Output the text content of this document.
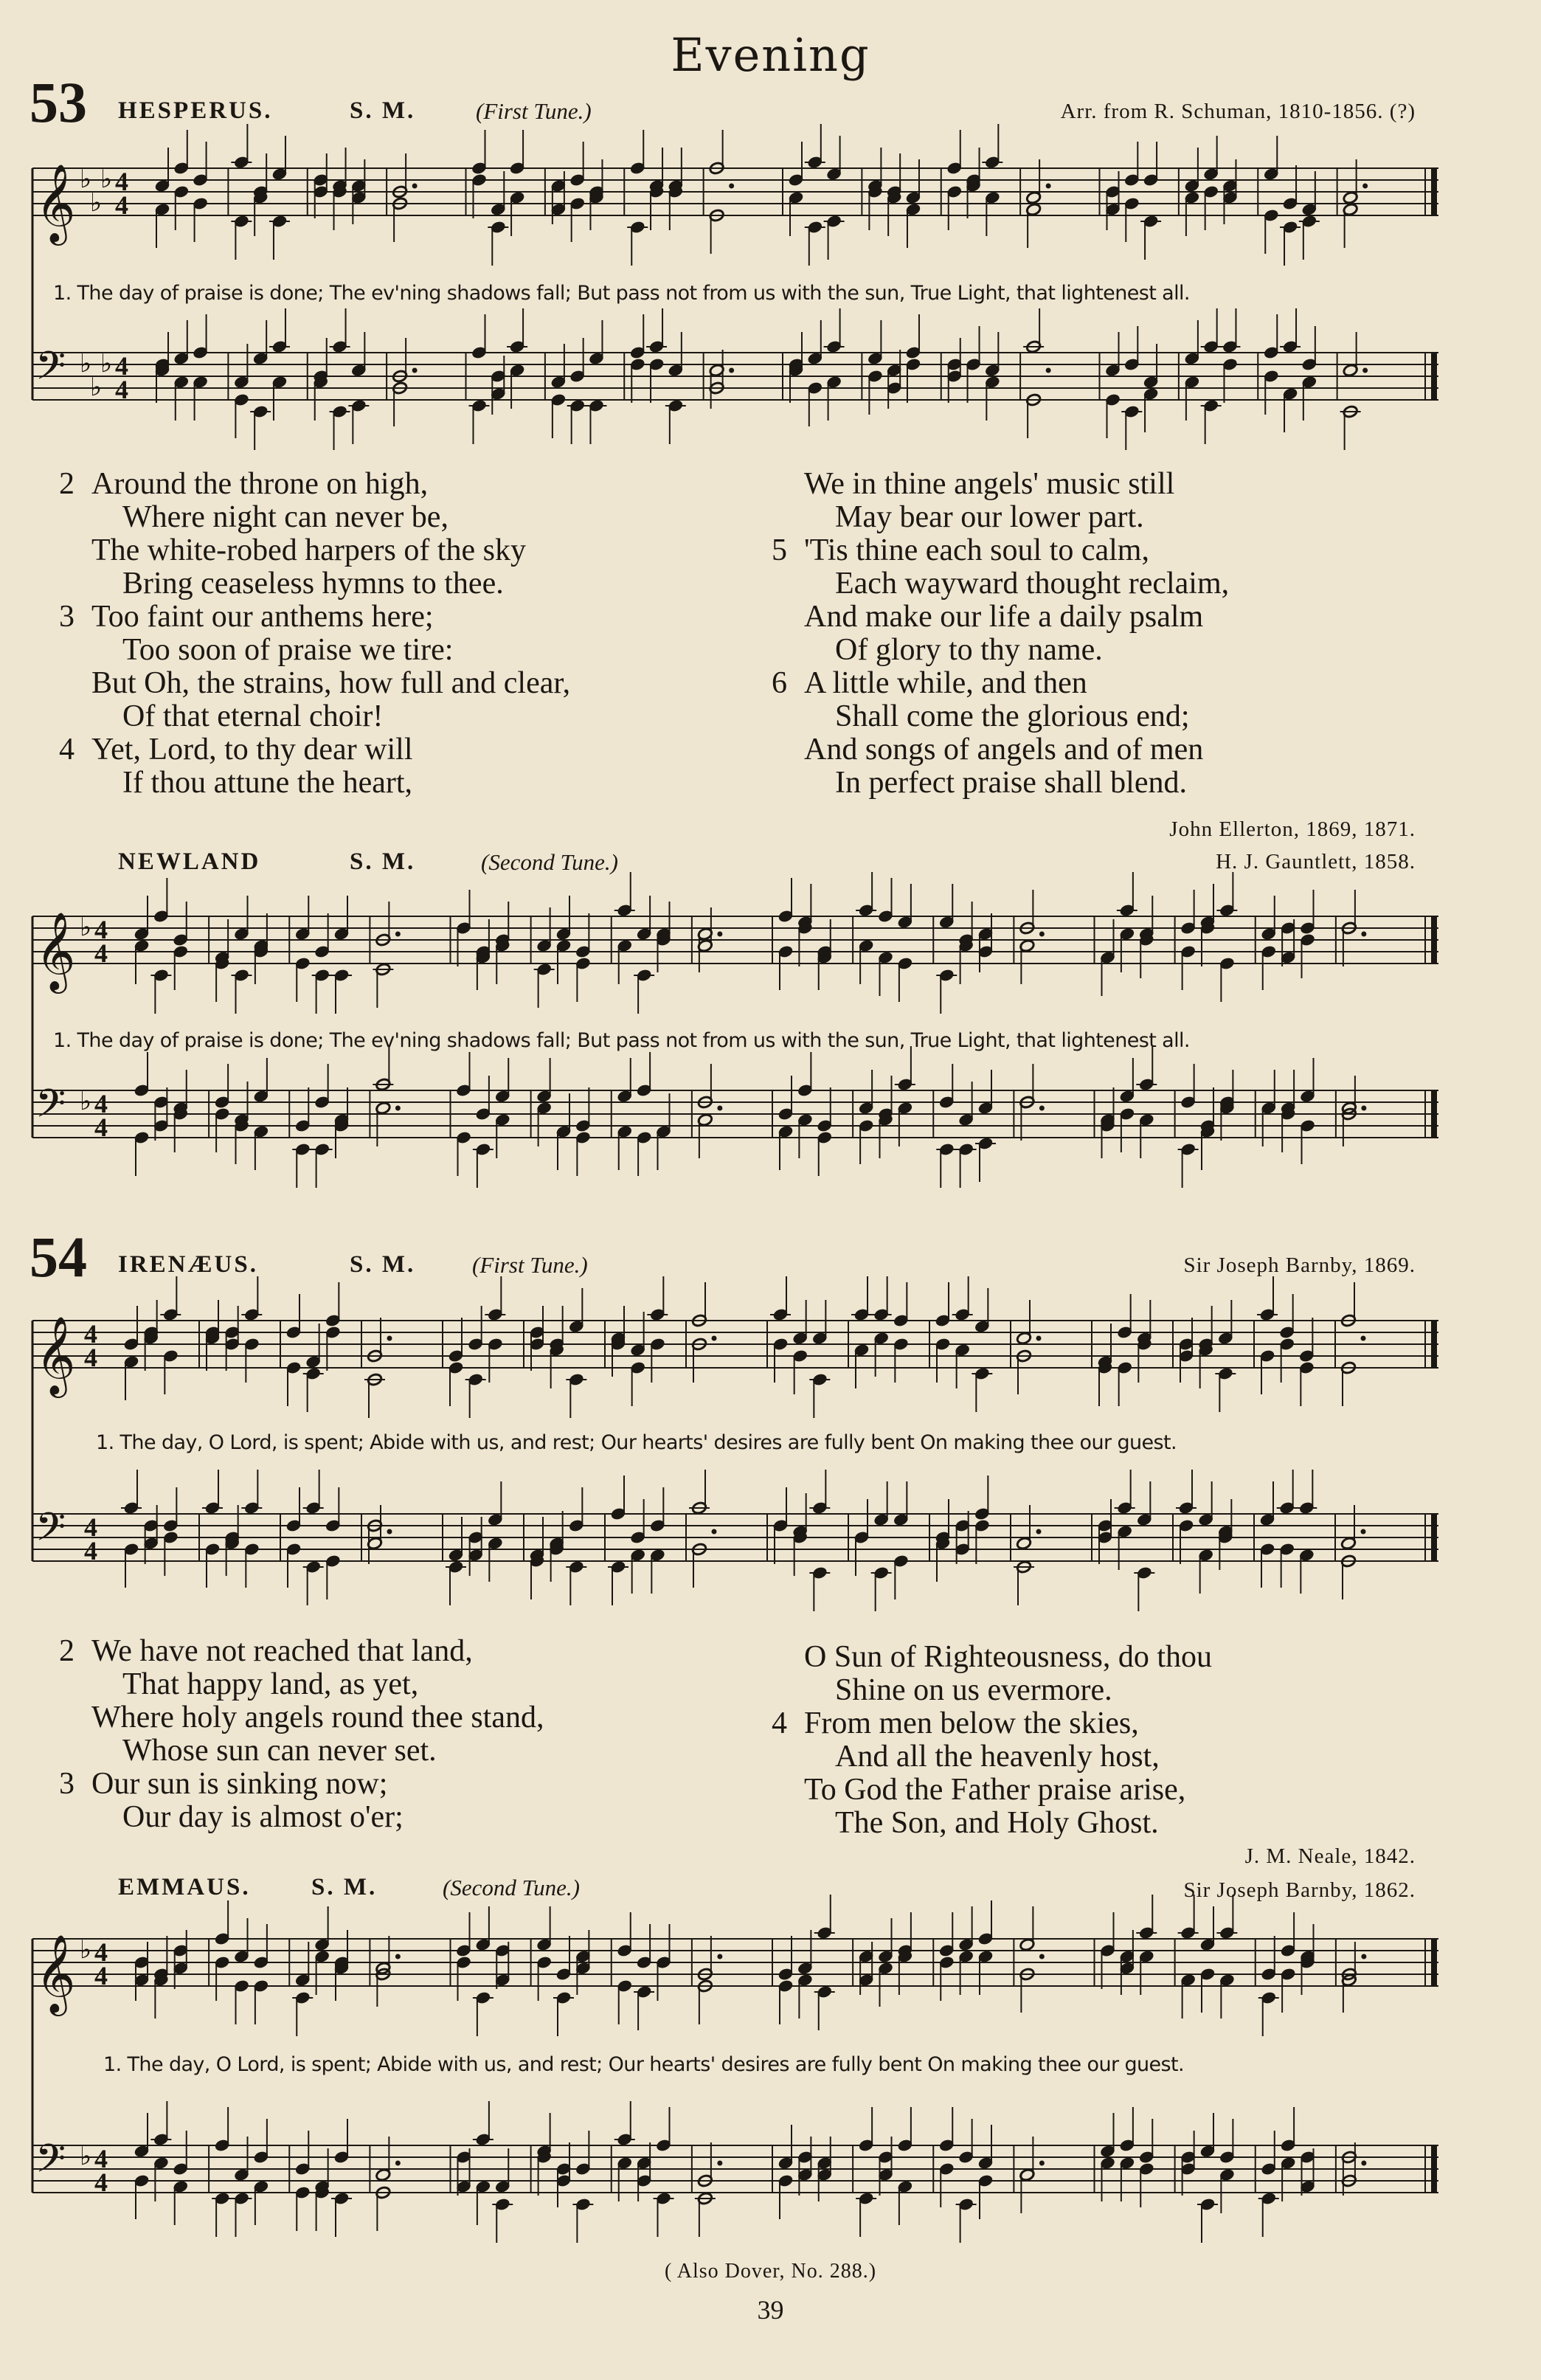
Evening
53 HESPERUS.	S. M.	(First Tune.)	Arr. from R. Schuman, 1810-1856. (?)
𝄞 ♭
♭
♭ 4
4
𝄢 ♭
♭
♭ 4
4
1. The day of praise is done; The ev'ning shadows fall; But pass not from us with the sun, True Light, that lightenest all.
2 Around the throne on high,
Where night can never be,
The white-robed harpers of the sky
Bring ceaseless hymns to thee.
3 Too faint our anthems here;
Too soon of praise we tire:
But Oh, the strains, how full and clear,
Of that eternal choir!
4 Yet, Lord, to thy dear will
If thou attune the heart,
We in thine angels' music still
May bear our lower part.
5 'Tis thine each soul to calm,
Each wayward thought reclaim,
And make our life a daily psalm
Of glory to thy name.
6 A little while, and then
Shall come the glorious end;
And songs of angels and of men
In perfect praise shall blend.
John Ellerton, 1869, 1871.
NEWLAND	S. M.	(Second Tune.)	H. J. Gauntlett, 1858.
𝄞 ♭ 4
4
𝄢 ♭ 4
4
1. The day of praise is done; The ev'ning shadows fall; But pass not from us with the sun, True Light, that lightenest all.
54 IRENÆUS.	S. M. (First Tune.)	Sir Joseph Barnby, 1869.
𝄞 4
4
𝄢 4
4
1. The day, O Lord, is spent; Abide with us, and rest; Our hearts' desires are fully bent On making thee our guest.
2 We have not reached that land,
That happy land, as yet,
Where holy angels round thee stand,
Whose sun can never set.
3 Our sun is sinking now;
Our day is almost o'er;
O Sun of Righteousness, do thou
Shine on us evermore.
4 From men below the skies,
And all the heavenly host,
To God the Father praise arise,
The Son, and Holy Ghost.
J. M. Neale, 1842.
EMMAUS. S. M.	(Second Tune.)	Sir Joseph Barnby, 1862.
𝄞 ♭ 4
4
𝄢 ♭ 4
4
1. The day, O Lord, is spent; Abide with us, and rest; Our hearts' desires are fully bent On making thee our guest.
( Also Dover, No. 288.)
39
